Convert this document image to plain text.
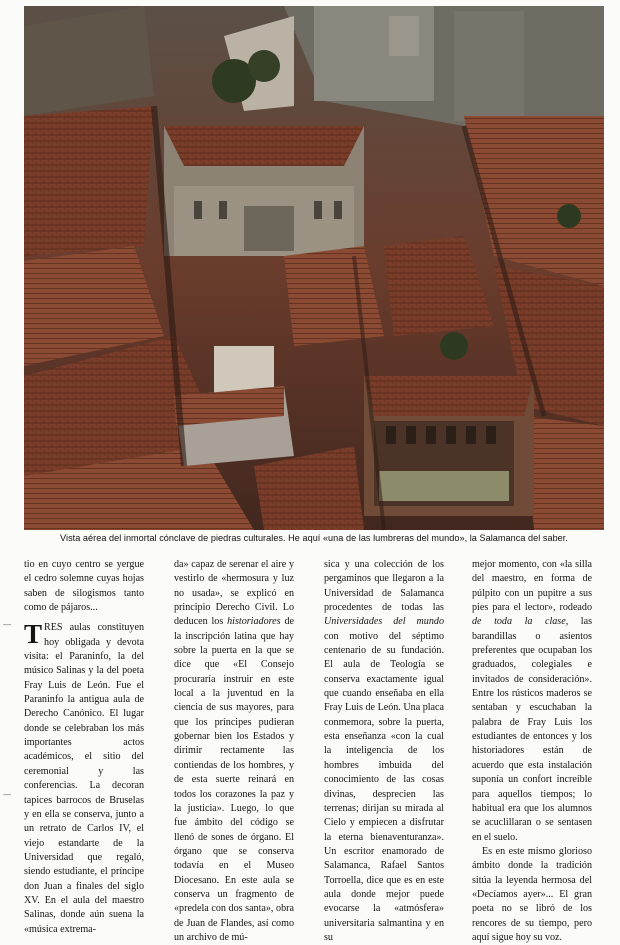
Vista aérea del inmortal cónclave de piedras culturales. He aquí «una de las lumbreras del mundo», la Salamanca del saber.
—
—

tio en cuyo centro se yergue el cedro solemne cuyas hojas saben de silogismos tanto como de pájaros...

TRES aulas constituyen hoy obligada y devota visita: el Paraninfo, la del músico Salinas y la del poeta Fray Luis de León. Fue el Paraninfo la antigua aula de Derecho Canónico. El lugar donde se celebraban los más importantes actos académicos, el sitio del ceremonial y las conferencias. La decoran tapices barrocos de Bruselas y en ella se conserva, junto a un retrato de Carlos IV, el viejo estandarte de la Universidad que regaló, siendo estudiante, el príncipe don Juan a finales del siglo XV. En el aula del maestro Salinas, donde aún suena la «música extrema-

da» capaz de serenar el aire y vestirlo de «hermosura y luz no usada», se explicó en principio Derecho Civil. Lo deducen los historiadores de la inscripción latina que hay sobre la puerta en la que se dice que «El Consejo procuraría instruir en este local a la juventud en la ciencia de sus mayores, para que los príncipes pudieran gobernar bien los Estados y dirimir rectamente las contiendas de los hombres, y de esta suerte reinará en todos los corazones la paz y la justicia». Luego, lo que fue ámbito del código se llenó de sones de órgano. El órgano que se conserva todavía en el Museo Diocesano. En este aula se conserva un fragmento de «predela con dos santa», obra de Juan de Flandes, así como un archivo de mú-

sica y una colección de los pergaminos que llegaron a la Universidad de Salamanca procedentes de todas las Universidades del mundo con motivo del séptimo centenario de su fundación. El aula de Teología se conserva exactamente igual que cuando enseñaba en ella Fray Luis de León. Una placa conmemora, sobre la puerta, esta enseñanza «con la cual la inteligencia de los hombres imbuida del conocimiento de las cosas divinas, desprecien las terrenas; dirijan su mirada al Cielo y empiecen a disfrutar la eterna bienaventuranza». Un escritor enamorado de Salamanca, Rafael Santos Torroella, dice que es en este aula donde mejor puede evocarse la «atmósfera» universitaria salmantina y en su

mejor momento, con «la silla del maestro, en forma de púlpito con un pupitre a sus pies para el lector», rodeado de toda la clase, las barandillas o asientos preferentes que ocupaban los graduados, colegiales e invitados de consideración». Entre los rústicos maderos se sentaban y escuchaban la palabra de Fray Luis los estudiantes de entonces y los historiadores están de acuerdo que esta instalación suponía un confort increíble para aquellos tiempos; lo habitual era que los alumnos se acuclillaran o se sentasen en el suelo.

Es en este mismo glorioso ámbito donde la tradición sitúa la leyenda hermosa del «Decíamos ayer»... El gran poeta no se libró de los rencores de su tiempo, pero aquí sigue hoy su voz.
